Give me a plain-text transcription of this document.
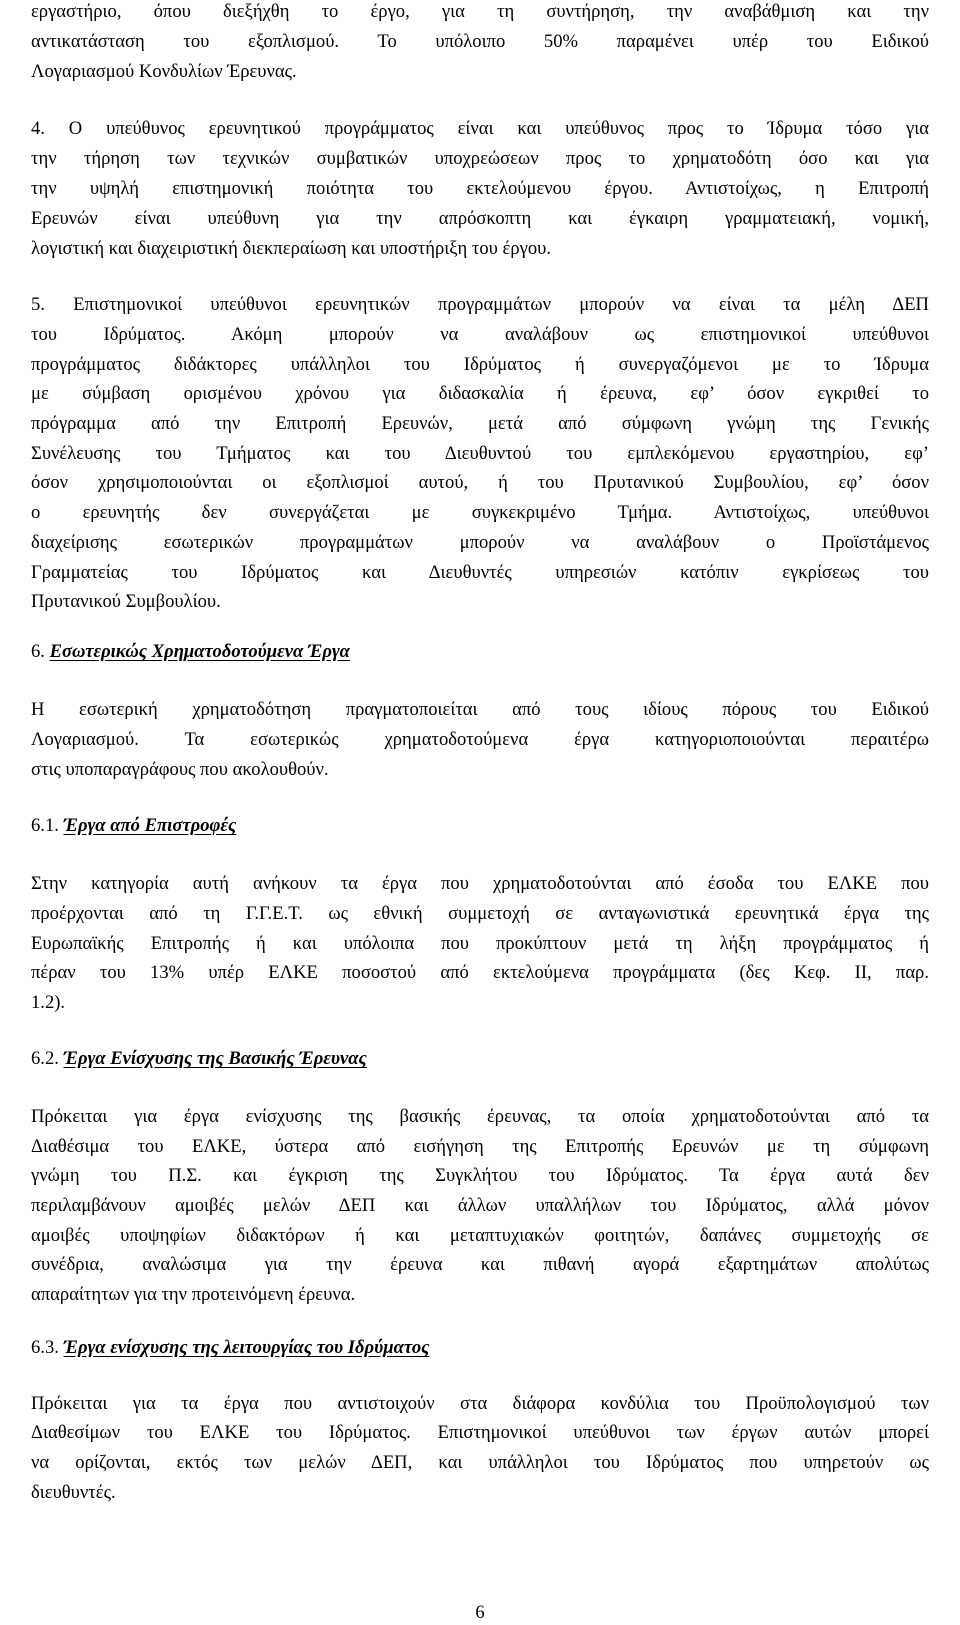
εργαστήριο, όπου διεξήχθη το έργο, για τη συντήρηση, την αναβάθμιση και την
αντικατάσταση του εξοπλισμού. Το υπόλοιπο 50% παραμένει υπέρ του Ειδικού
Λογαριασμού Κονδυλίων Έρευνας.
4. Ο υπεύθυνος ερευνητικού προγράμματος είναι και υπεύθυνος προς το Ίδρυμα τόσο για
την τήρηση των τεχνικών συμβατικών υποχρεώσεων προς το χρηματοδότη όσο και για
την υψηλή επιστημονική ποιότητα του εκτελούμενου έργου. Αντιστοίχως, η Επιτροπή
Ερευνών είναι υπεύθυνη για την απρόσκοπτη και έγκαιρη γραμματειακή, νομική,
λογιστική και διαχειριστική διεκπεραίωση και υποστήριξη του έργου.
5. Επιστημονικοί υπεύθυνοι ερευνητικών προγραμμάτων μπορούν να είναι τα μέλη ΔΕΠ
του Ιδρύματος. Ακόμη μπορούν να αναλάβουν ως επιστημονικοί υπεύθυνοι
προγράμματος διδάκτορες υπάλληλοι του Ιδρύματος ή συνεργαζόμενοι με το Ίδρυμα
με σύμβαση ορισμένου χρόνου για διδασκαλία ή έρευνα, εφ’ όσον εγκριθεί το
πρόγραμμα από την Επιτροπή Ερευνών, μετά από σύμφωνη γνώμη της Γενικής
Συνέλευσης του Τμήματος και του Διευθυντού του εμπλεκόμενου εργαστηρίου, εφ’
όσον χρησιμοποιούνται οι εξοπλισμοί αυτού, ή του Πρυτανικού Συμβουλίου, εφ’ όσον
ο ερευνητής δεν συνεργάζεται με συγκεκριμένο Τμήμα. Αντιστοίχως, υπεύθυνοι
διαχείρισης εσωτερικών προγραμμάτων μπορούν να αναλάβουν ο Προϊστάμενος
Γραμματείας του Ιδρύματος και Διευθυντές υπηρεσιών κατόπιν εγκρίσεως του
Πρυτανικού Συμβουλίου.
6. Εσωτερικώς Χρηματοδοτούμενα Έργα
Η εσωτερική χρηματοδότηση πραγματοποιείται από τους ιδίους πόρους του Ειδικού
Λογαριασμού. Τα εσωτερικώς χρηματοδοτούμενα έργα κατηγοριοποιούνται περαιτέρω
στις υποπαραγράφους που ακολουθούν.
6.1. Έργα από Επιστροφές
Στην κατηγορία αυτή ανήκουν τα έργα που χρηματοδοτούνται από έσοδα του ΕΛΚΕ που
προέρχονται από τη Γ.Γ.Ε.Τ. ως εθνική συμμετοχή σε ανταγωνιστικά ερευνητικά έργα της
Ευρωπαϊκής Επιτροπής ή και υπόλοιπα που προκύπτουν μετά τη λήξη προγράμματος ή
πέραν του 13% υπέρ ΕΛΚΕ ποσοστού από εκτελούμενα προγράμματα (δες Κεφ. ΙΙ, παρ.
1.2).
6.2. Έργα Ενίσχυσης της Βασικής Έρευνας
Πρόκειται για έργα ενίσχυσης της βασικής έρευνας, τα οποία χρηματοδοτούνται από τα
Διαθέσιμα του ΕΛΚΕ, ύστερα από εισήγηση της Επιτροπής Ερευνών με τη σύμφωνη
γνώμη του Π.Σ. και έγκριση της Συγκλήτου του Ιδρύματος. Τα έργα αυτά δεν
περιλαμβάνουν αμοιβές μελών ΔΕΠ και άλλων υπαλλήλων του Ιδρύματος, αλλά μόνον
αμοιβές υποψηφίων διδακτόρων ή και μεταπτυχιακών φοιτητών, δαπάνες συμμετοχής σε
συνέδρια, αναλώσιμα για την έρευνα και πιθανή αγορά εξαρτημάτων απολύτως
απαραίτητων για την προτεινόμενη έρευνα.
6.3. Έργα ενίσχυσης της λειτουργίας του Ιδρύματος
Πρόκειται για τα έργα που αντιστοιχούν στα διάφορα κονδύλια του Προϋπολογισμού των
Διαθεσίμων του ΕΛΚΕ του Ιδρύματος. Επιστημονικοί υπεύθυνοι των έργων αυτών μπορεί
να ορίζονται, εκτός των μελών ΔΕΠ, και υπάλληλοι του Ιδρύματος που υπηρετούν ως
διευθυντές.
6
